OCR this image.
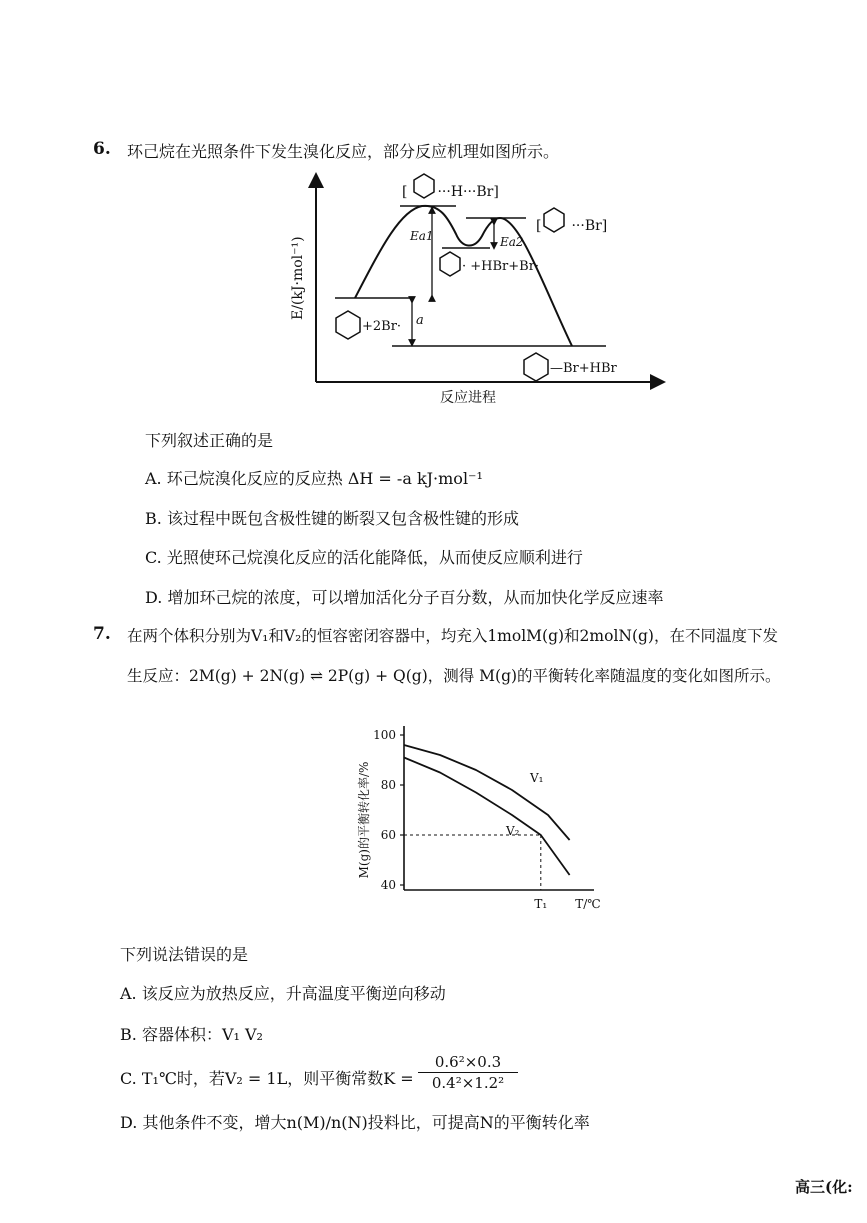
6. 环己烷在光照条件下发生溴化反应，部分反应机理如图所示。
E/(kJ·mol⁻¹)
反应进程
Ea1	Ea2
a
[ ···H···Br]
[ ···Br]
· +HBr+Br·
+2Br·
—Br+HBr
下列叙述正确的是
A. 环己烷溴化反应的反应热 ΔH = -a kJ·mol⁻¹
B. 该过程中既包含极性键的断裂又包含极性键的形成
C. 光照使环己烷溴化反应的活化能降低，从而使反应顺利进行
D. 增加环己烷的浓度，可以增加活化分子百分数，从而加快化学反应速率
7. 在两个体积分别为V₁和V₂的恒容密闭容器中，均充入1molM(g)和2molN(g)，在不同温度下发
生反应：2M(g) + 2N(g) ⇌ 2P(g) + Q(g)，测得 M(g)的平衡转化率随温度的变化如图所示。
40
60
80
100
M(g)的平衡转化率/%
T/℃
T₁
V₁
V₂
下列说法错误的是
A. 该反应为放热反应，升高温度平衡逆向移动
B. 容器体积：V₁ V₂
C. T₁℃时，若V₂ = 1L，则平衡常数$K = \frac{\text{0.6²×0.3}}{\text{0.4²×1.2²}}$
D. 其他条件不变，增大n(M)/n(N)投料比，可提高N的平衡转化率
高三(化:
